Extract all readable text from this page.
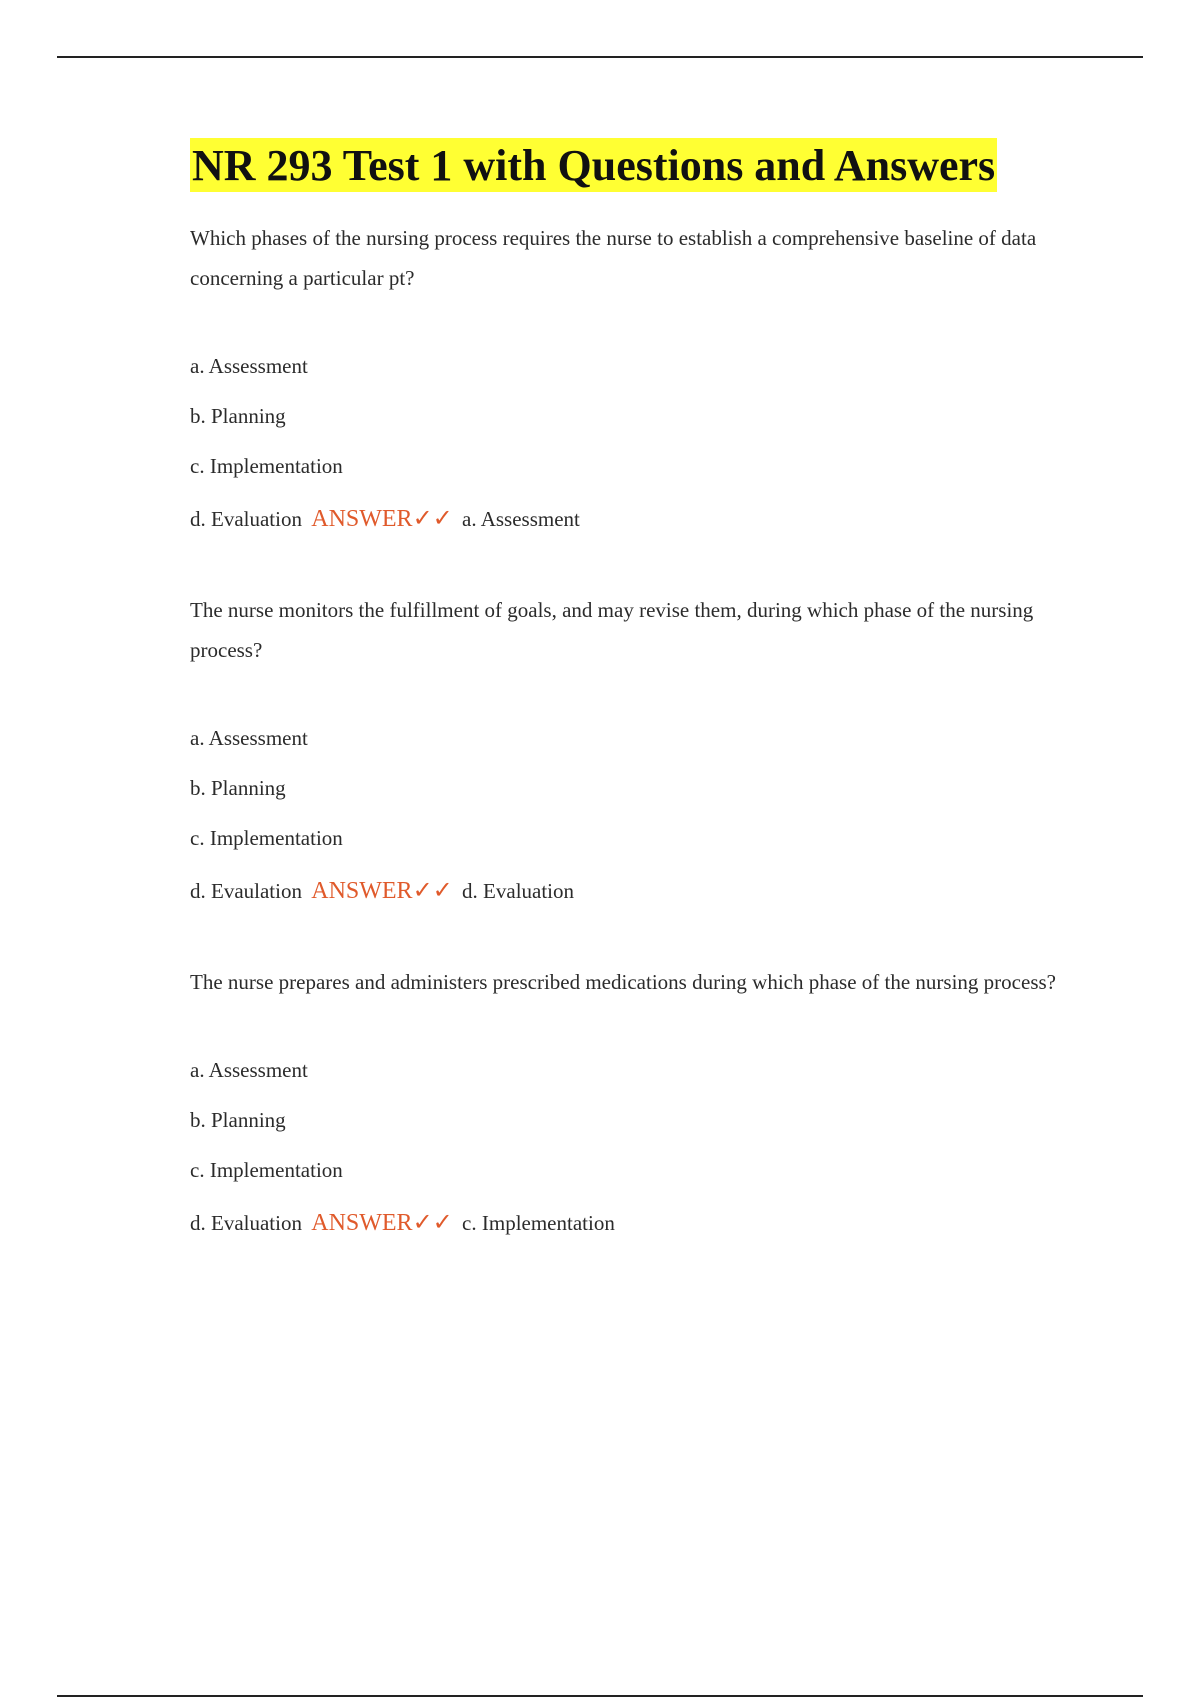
NR 293 Test 1 with Questions and Answers

Which phases of the nursing process requires the nurse to establish a comprehensive baseline of data concerning a particular pt?

a. Assessment

b. Planning

c. Implementation

d. Evaluation ANSWER✓✓ a. Assessment

The nurse monitors the fulfillment of goals, and may revise them, during which phase of the nursing process?

a. Assessment

b. Planning

c. Implementation

d. Evaulation ANSWER✓✓ d. Evaluation

The nurse prepares and administers prescribed medications during which phase of the nursing process?

a. Assessment

b. Planning

c. Implementation

d. Evaluation ANSWER✓✓ c. Implementation
